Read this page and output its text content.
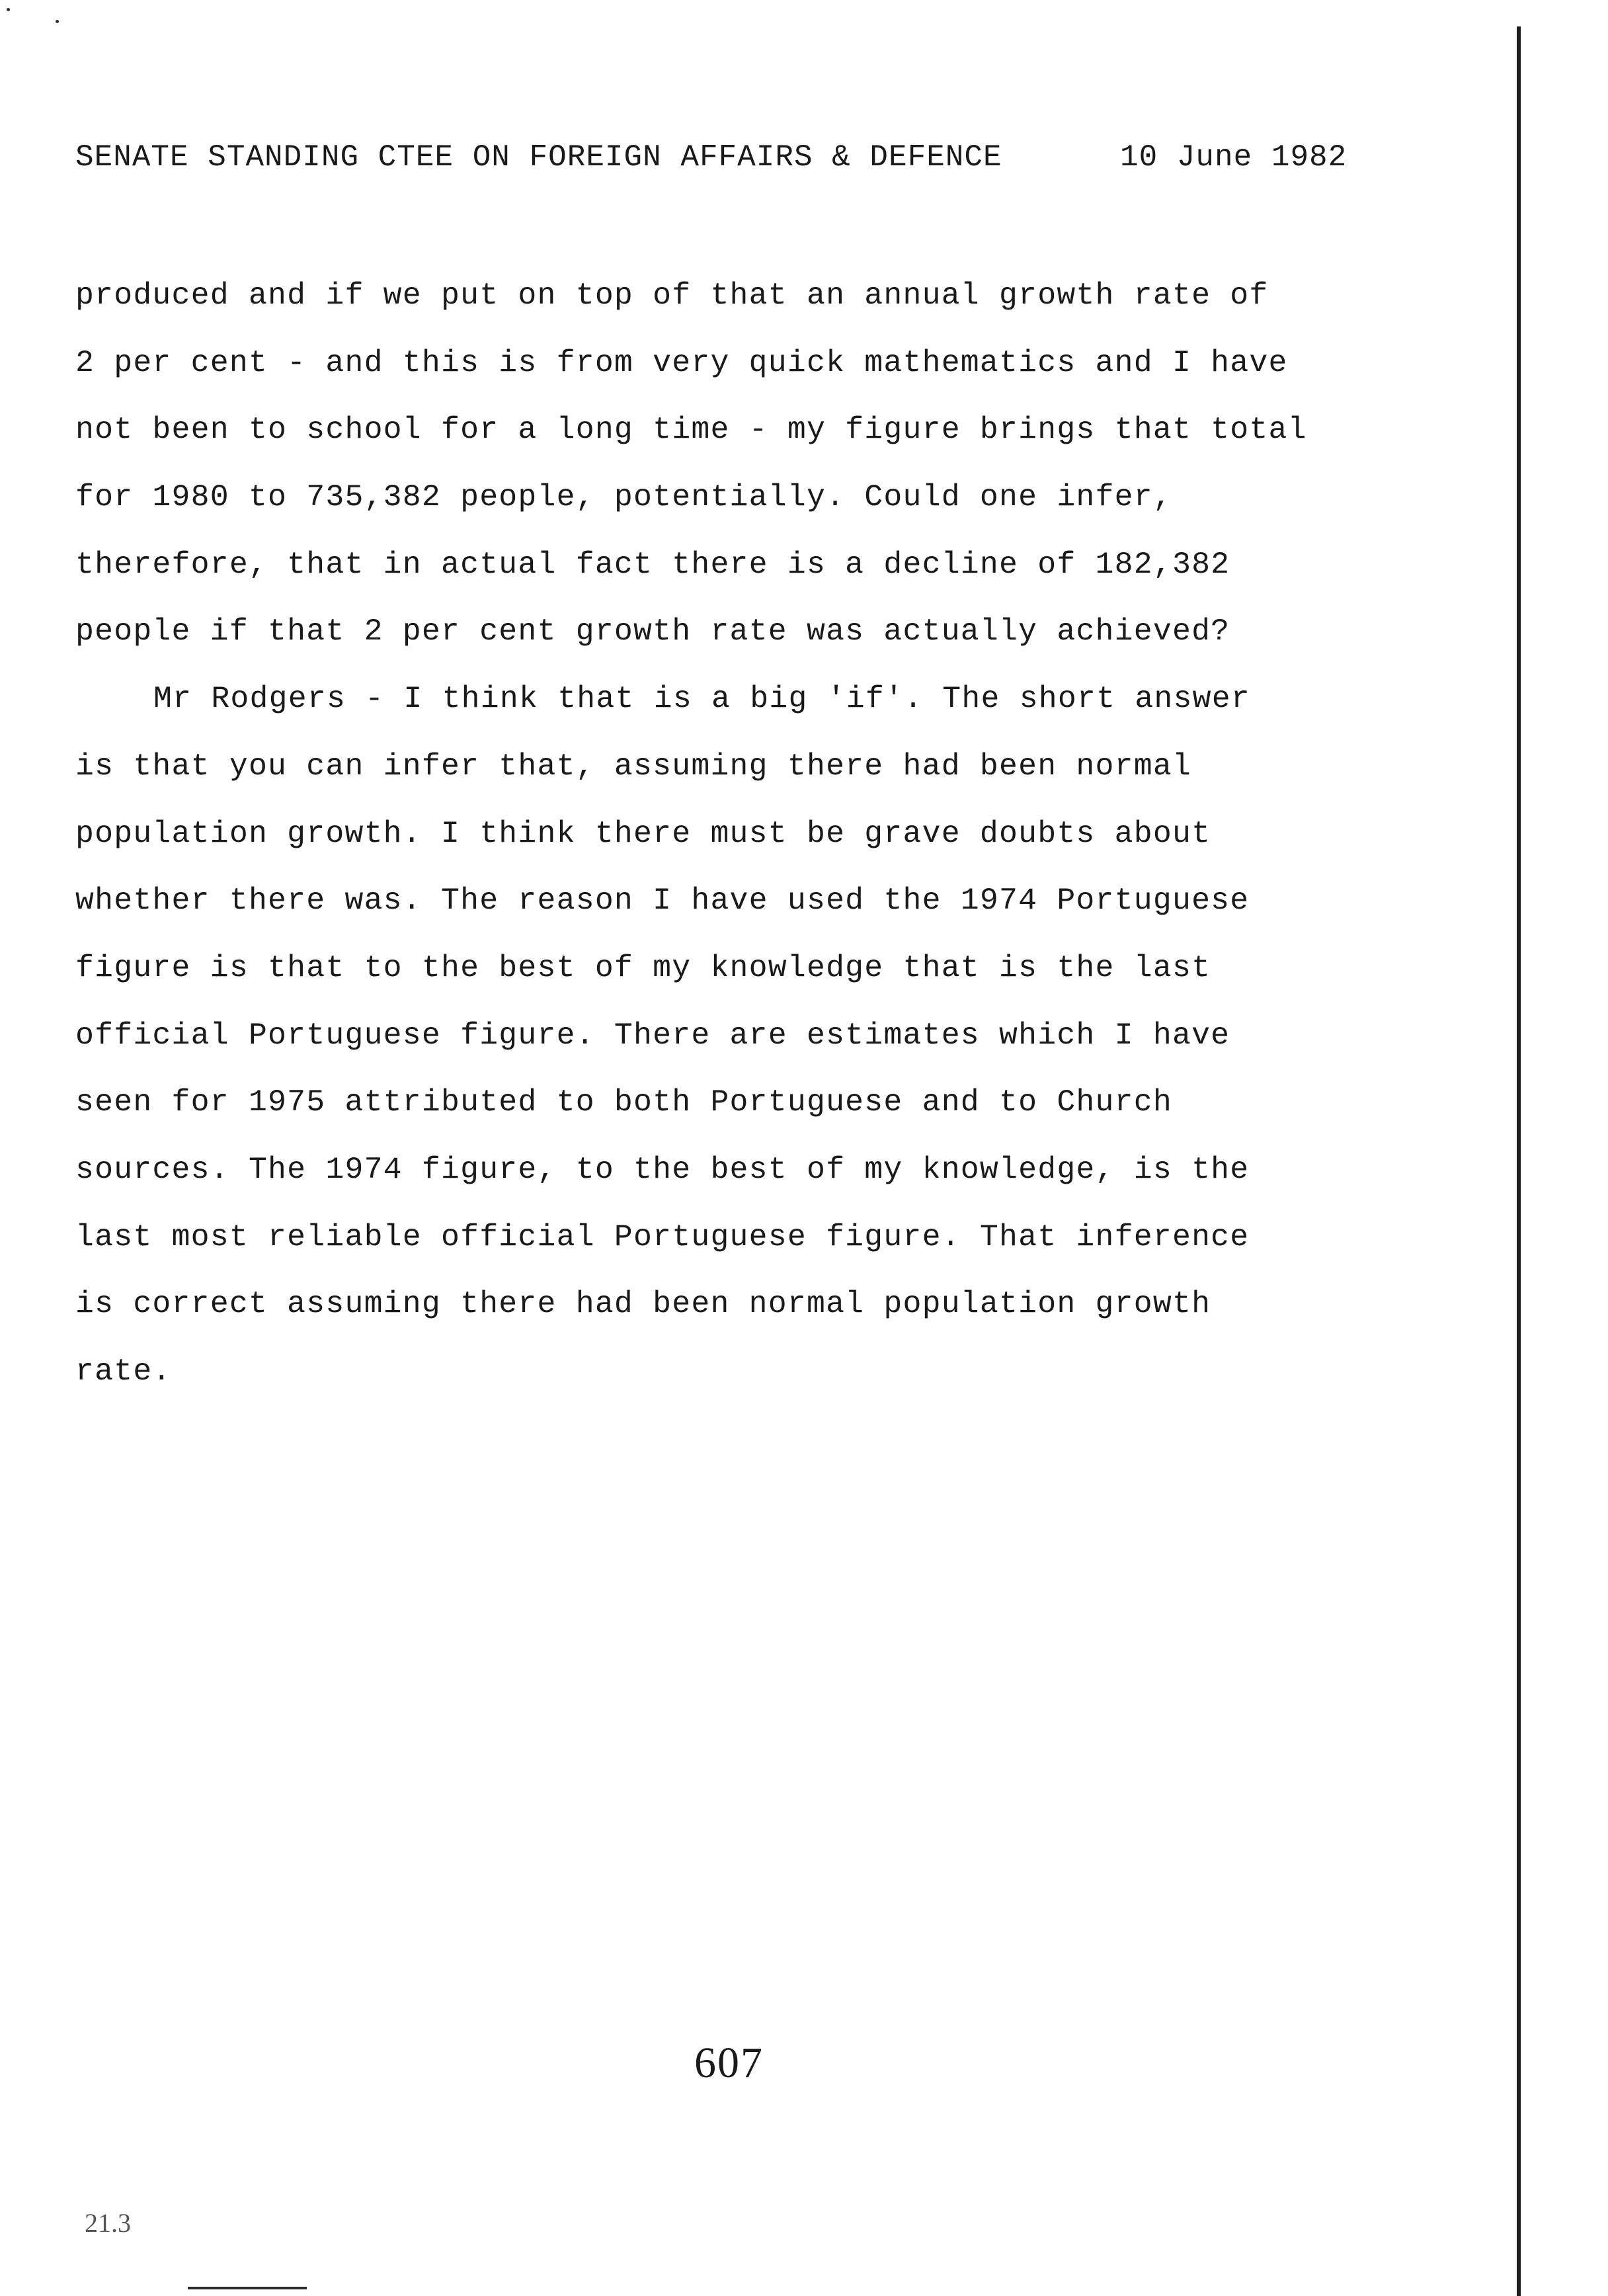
SENATE STANDING CTEE ON FOREIGN AFFAIRS & DEFENCE	10 June 1982
produced and if we put on top of that an annual growth rate of
2 per cent - and this is from very quick mathematics and I have
not been to school for a long time - my figure brings that total
for 1980 to 735,382 people, potentially. Could one infer,
therefore, that in actual fact there is a decline of 182,382
people if that 2 per cent growth rate was actually achieved?
Mr Rodgers - I think that is a big 'if'. The short answer
is that you can infer that, assuming there had been normal
population growth. I think there must be grave doubts about
whether there was. The reason I have used the 1974 Portuguese
figure is that to the best of my knowledge that is the last
official Portuguese figure. There are estimates which I have
seen for 1975 attributed to both Portuguese and to Church
sources. The 1974 figure, to the best of my knowledge, is the
last most reliable official Portuguese figure. That inference
is correct assuming there had been normal population growth
rate.
607
21.3
